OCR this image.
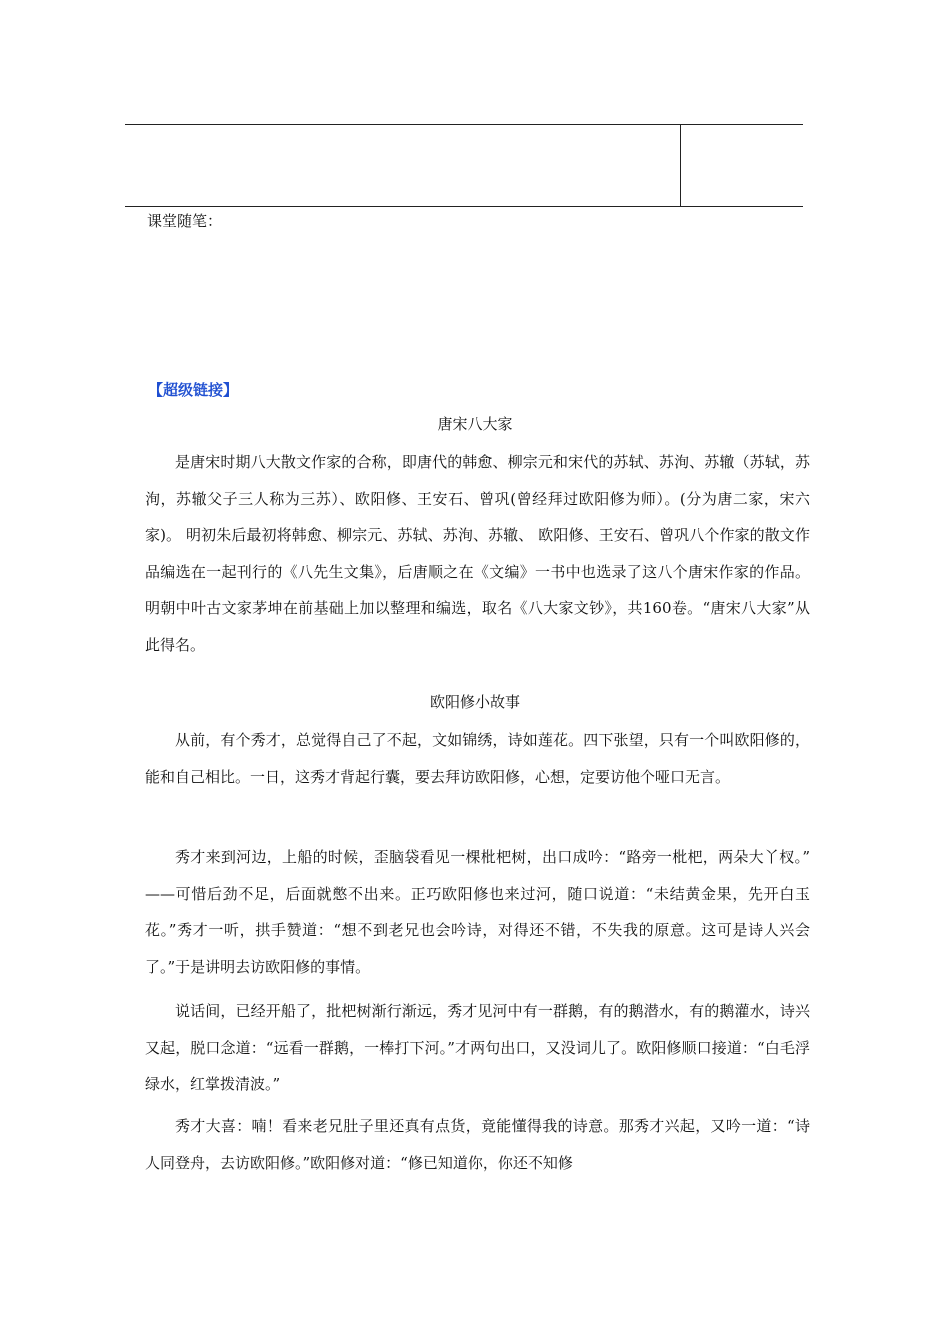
课堂随笔：
【超级链接】
唐宋八大家
是唐宋时期八大散文作家的合称，即唐代的韩愈、柳宗元和宋代的苏轼、苏洵、苏辙（苏轼，苏洵，苏辙父子三人称为三苏）、欧阳修、王安石、曾巩(曾经拜过欧阳修为师）。(分为唐二家，宋六家)。 明初朱后最初将韩愈、柳宗元、苏轼、苏洵、苏辙、 欧阳修、王安石、曾巩八个作家的散文作品编选在一起刊行的《八先生文集》，后唐顺之在《文编》一书中也选录了这八个唐宋作家的作品。明朝中叶古文家茅坤在前基础上加以整理和编选，取名《八大家文钞》，共160卷。“唐宋八大家”从此得名。
欧阳修小故事
从前，有个秀才，总觉得自己了不起，文如锦绣，诗如莲花。四下张望，只有一个叫欧阳修的，能和自己相比。一日，这秀才背起行囊，要去拜访欧阳修，心想，定要访他个哑口无言。
秀才来到河边，上船的时候，歪脑袋看见一棵枇杷树，出口成吟：“路旁一枇杷，两朵大丫杈。” ——可惜后劲不足，后面就憋不出来。正巧欧阳修也来过河，随口说道：“未结黄金果，先开白玉花。”秀才一听，拱手赞道：“想不到老兄也会吟诗，对得还不错，不失我的原意。这可是诗人兴会了。”于是讲明去访欧阳修的事情。
说话间，已经开船了，批杷树渐行渐远，秀才见河中有一群鹅，有的鹅潜水，有的鹅灌水，诗兴又起，脱口念道：“远看一群鹅，一棒打下河。”才两句出口，又没词儿了。欧阳修顺口接道：“白毛浮绿水，红掌拨清波。”
秀才大喜：喃！看来老兄肚子里还真有点货，竟能懂得我的诗意。那秀才兴起，又吟一道：“诗人同登舟，去访欧阳修。”欧阳修对道：“修已知道你，你还不知修
